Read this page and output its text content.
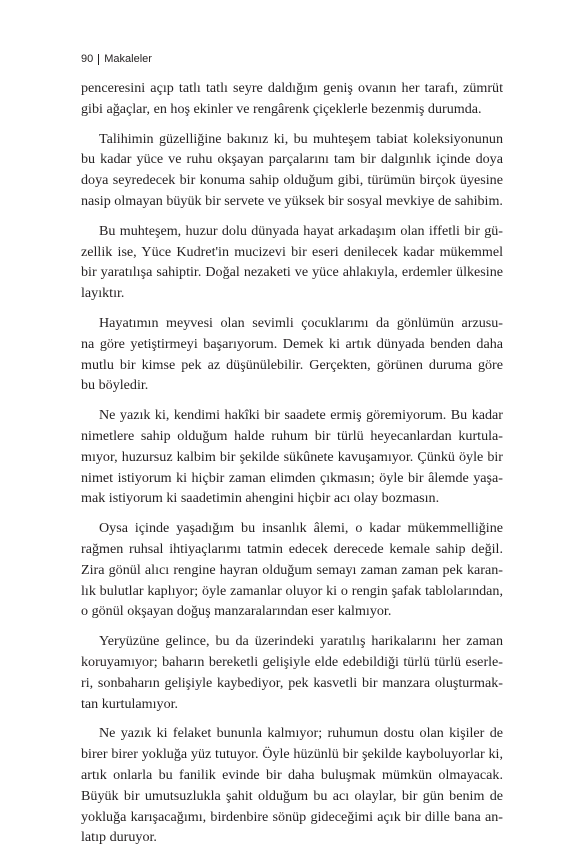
90 Makaleler
penceresini açıp tatlı tatlı seyre daldığım geniş ovanın her tarafı, zümrüt
gibi ağaçlar, en hoş ekinler ve rengârenk çiçeklerle bezenmiş durumda.
Talihimin güzelliğine bakınız ki, bu muhteşem tabiat koleksiyonunun
bu kadar yüce ve ruhu okşayan parçalarını tam bir dalgınlık içinde doya
doya seyredecek bir konuma sahip olduğum gibi, türümün birçok üyesine
nasip olmayan büyük bir servete ve yüksek bir sosyal mevkiye de sahibim.
Bu muhteşem, huzur dolu dünyada hayat arkadaşım olan iffetli bir gü-
zellik ise, Yüce Kudret'in mucizevi bir eseri denilecek kadar mükemmel
bir yaratılışa sahiptir. Doğal nezaketi ve yüce ahlakıyla, erdemler ülkesine
layıktır.
Hayatımın meyvesi olan sevimli çocuklarımı da gönlümün arzusu-
na göre yetiştirmeyi başarıyorum. Demek ki artık dünyada benden daha
mutlu bir kimse pek az düşünülebilir. Gerçekten, görünen duruma göre
bu böyledir.
Ne yazık ki, kendimi hakîki bir saadete ermiş göremiyorum. Bu kadar
nimetlere sahip olduğum halde ruhum bir türlü heyecanlardan kurtula-
mıyor, huzursuz kalbim bir şekilde sükûnete kavuşamıyor. Çünkü öyle bir
nimet istiyorum ki hiçbir zaman elimden çıkmasın; öyle bir âlemde yaşa-
mak istiyorum ki saadetimin ahengini hiçbir acı olay bozmasın.
Oysa içinde yaşadığım bu insanlık âlemi, o kadar mükemmelliğine
rağmen ruhsal ihtiyaçlarımı tatmin edecek derecede kemale sahip değil.
Zira gönül alıcı rengine hayran olduğum semayı zaman zaman pek karan-
lık bulutlar kaplıyor; öyle zamanlar oluyor ki o rengin şafak tablolarından,
o gönül okşayan doğuş manzaralarından eser kalmıyor.
Yeryüzüne gelince, bu da üzerindeki yaratılış harikalarını her zaman
koruyamıyor; baharın bereketli gelişiyle elde edebildiği türlü türlü eserle-
ri, sonbaharın gelişiyle kaybediyor, pek kasvetli bir manzara oluşturmak-
tan kurtulamıyor.
Ne yazık ki felaket bununla kalmıyor; ruhumun dostu olan kişiler de
birer birer yokluğa yüz tutuyor. Öyle hüzünlü bir şekilde kayboluyorlar ki,
artık onlarla bu fanilik evinde bir daha buluşmak mümkün olmayacak.
Büyük bir umutsuzlukla şahit olduğum bu acı olaylar, bir gün benim de
yokluğa karışacağımı, birdenbire sönüp gideceğimi açık bir dille bana an-
latıp duruyor.
